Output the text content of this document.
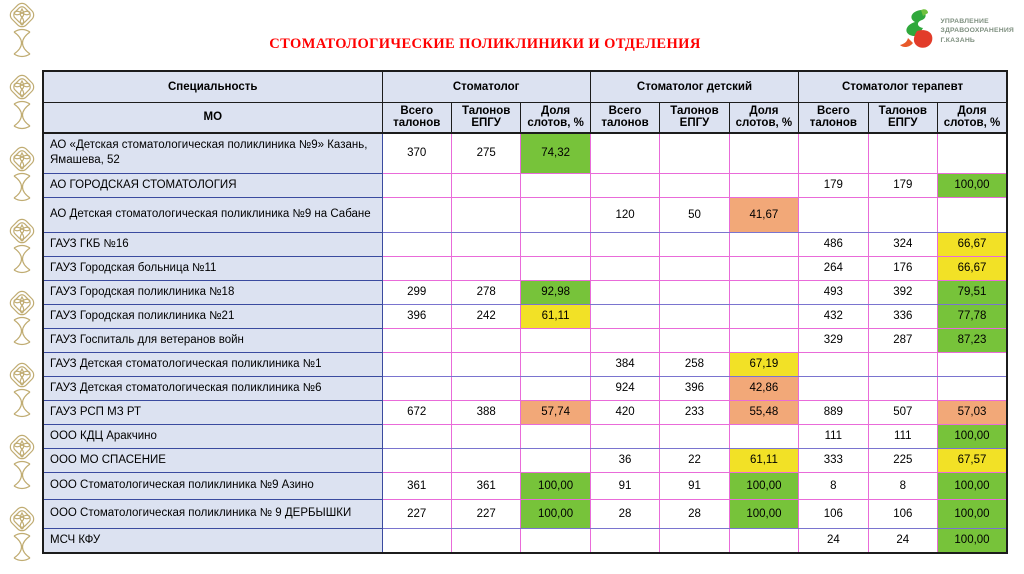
УПРАВЛЕНИЕ
ЗДРАВООХРАНЕНИЯ
Г.КАЗАНЬ
СТОМАТОЛОГИЧЕСКИЕ ПОЛИКЛИНИКИ И ОТДЕЛЕНИЯ
Специальность	Стоматолог			Стоматолог детский			Стоматолог терапевт		
МО	Всего талонов	Талонов ЕПГУ	Доля слотов, %	Всего талонов	Талонов ЕПГУ	Доля слотов, %	Всего талонов	Талонов ЕПГУ	Доля слотов, %
АО «Детская стоматологическая поликлиника №9» Казань, Ямашева, 52	370	275	74,32						
АО ГОРОДСКАЯ СТОМАТОЛОГИЯ							179	179	100,00
АО Детская стоматологическая поликлиника №9 на Сабане				120	50	41,67			
ГАУЗ ГКБ №16							486	324	66,67
ГАУЗ Городская больница №11							264	176	66,67
ГАУЗ Городская поликлиника №18	299	278	92,98				493	392	79,51
ГАУЗ Городская поликлиника №21	396	242	61,11				432	336	77,78
ГАУЗ Госпиталь для ветеранов войн							329	287	87,23
ГАУЗ Детская стоматологическая поликлиника №1				384	258	67,19			
ГАУЗ Детская стоматологическая поликлиника №6				924	396	42,86			
ГАУЗ РСП МЗ РТ	672	388	57,74	420	233	55,48	889	507	57,03
ООО КДЦ Аракчино							111	111	100,00
ООО МО СПАСЕНИЕ				36	22	61,11	333	225	67,57
ООО Стоматологическая поликлиника №9 Азино	361	361	100,00	91	91	100,00	8	8	100,00
ООО Стоматологическая поликлиника № 9 ДЕРБЫШКИ	227	227	100,00	28	28	100,00	106	106	100,00
МСЧ КФУ							24	24	100,00
